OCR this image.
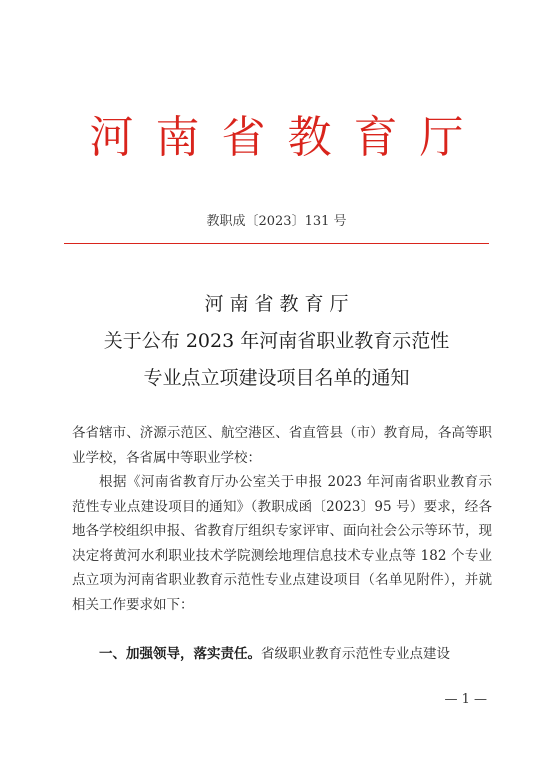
河南省教育厅
教职成〔2023〕131 号
河南省教育厅
关于公布 2023 年河南省职业教育示范性
专业点立项建设项目名单的通知
各省辖市、济源示范区、航空港区、省直管县（市）教育局，各高等职业学校，各省属中等职业学校：
根据《河南省教育厅办公室关于申报 2023 年河南省职业教育示范性专业点建设项目的通知》（教职成函〔2023〕95 号）要求，经各地各学校组织申报、省教育厅组织专家评审、面向社会公示等环节，现决定将黄河水利职业技术学院测绘地理信息技术专业点等 182 个专业点立项为河南省职业教育示范性专业点建设项目（名单见附件），并就相关工作要求如下：
一、加强领导，落实责任。省级职业教育示范性专业点建设
— 1 —
